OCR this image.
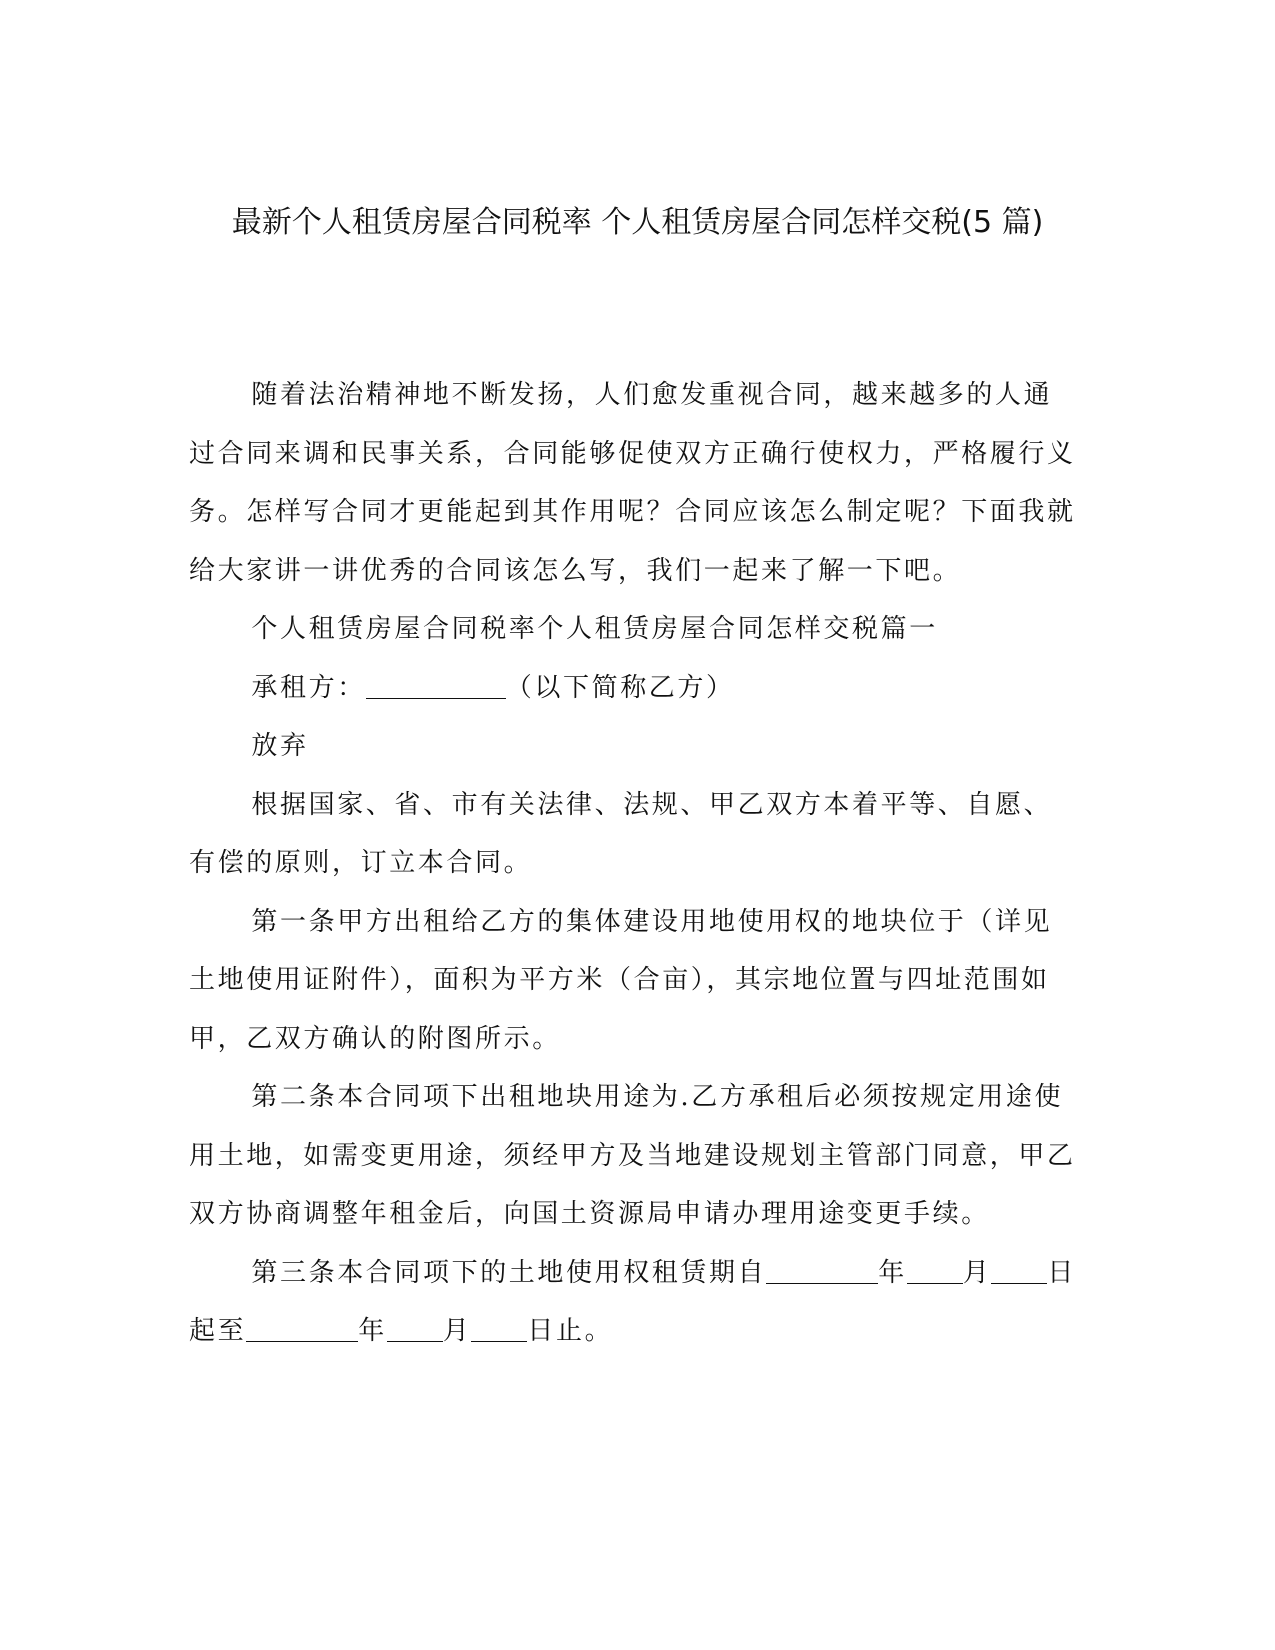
最新个人租赁房屋合同税率 个人租赁房屋合同怎样交税(5 篇)

随着法治精神地不断发扬，人们愈发重视合同，越来越多的人通过合同来调和民事关系，合同能够促使双方正确行使权力，严格履行义务。怎样写合同才更能起到其作用呢？合同应该怎么制定呢？下面我就给大家讲一讲优秀的合同该怎么写，我们一起来了解一下吧。

个人租赁房屋合同税率个人租赁房屋合同怎样交税篇一

承租方：	（以下简称乙方）

放弃

根据国家、省、市有关法律、法规、甲乙双方本着平等、自愿、有偿的原则，订立本合同。

第一条甲方出租给乙方的集体建设用地使用权的地块位于（详见土地使用证附件），面积为平方米（合亩），其宗地位置与四址范围如甲，乙双方确认的附图所示。

第二条本合同项下出租地块用途为.乙方承租后必须按规定用途使用土地，如需变更用途，须经甲方及当地建设规划主管部门同意，甲乙双方协商调整年租金后，向国土资源局申请办理用途变更手续。

第三条本合同项下的土地使用权租赁期自	年 月 日起至	年 月 日止。
